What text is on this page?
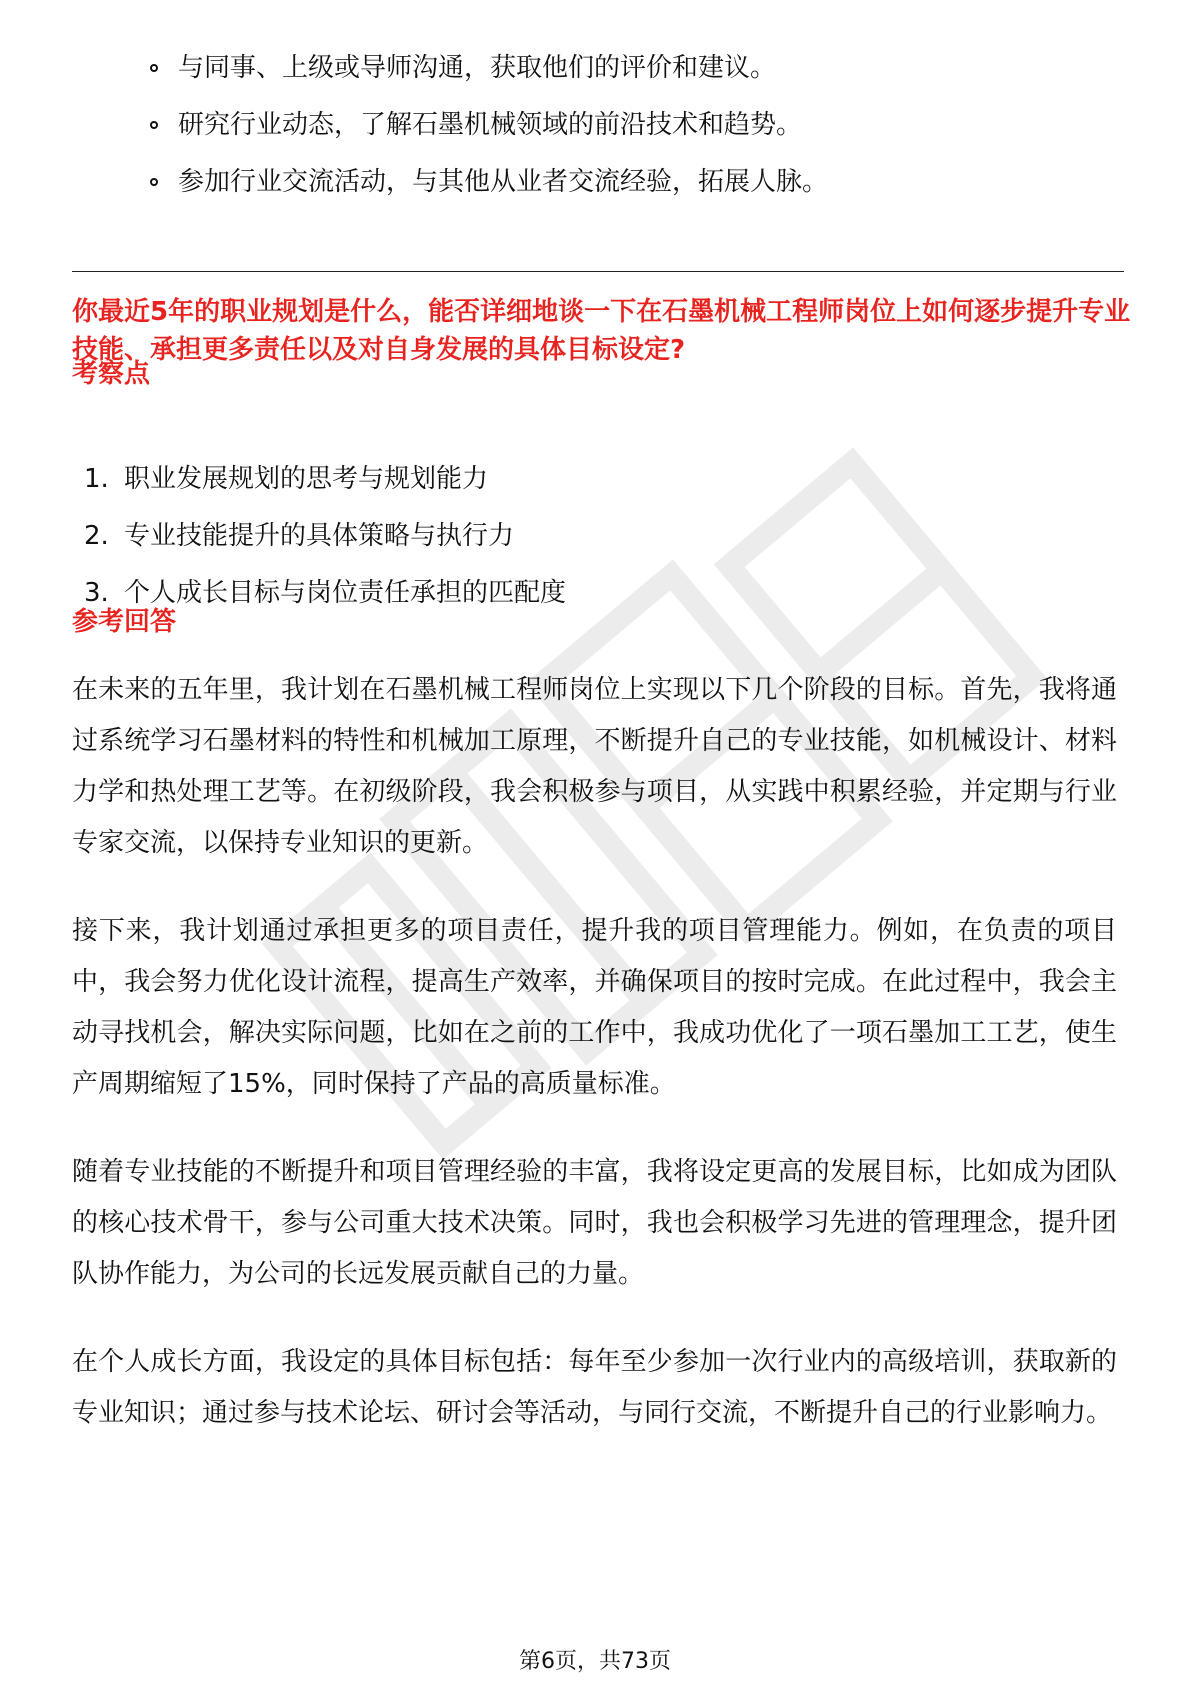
与同事、上级或导师沟通，获取他们的评价和建议。
研究行业动态，了解石墨机械领域的前沿技术和趋势。
参加行业交流活动，与其他从业者交流经验，拓展人脉。
你最近5年的职业规划是什么，能否详细地谈一下在石墨机械工程师岗位上如何逐步提升专业技能、承担更多责任以及对自身发展的具体目标设定?
考察点
1. 职业发展规划的思考与规划能力
2. 专业技能提升的具体策略与执行力
3. 个人成长目标与岗位责任承担的匹配度
参考回答

在未来的五年里，我计划在石墨机械工程师岗位上实现以下几个阶段的目标。首先，我将通过系统学习石墨材料的特性和机械加工原理，不断提升自己的专业技能，如机械设计、材料力学和热处理工艺等。在初级阶段，我会积极参与项目，从实践中积累经验，并定期与行业专家交流，以保持专业知识的更新。

接下来，我计划通过承担更多的项目责任，提升我的项目管理能力。例如，在负责的项目中，我会努力优化设计流程，提高生产效率，并确保项目的按时完成。在此过程中，我会主动寻找机会，解决实际问题，比如在之前的工作中，我成功优化了一项石墨加工工艺，使生产周期缩短了15%，同时保持了产品的高质量标准。

随着专业技能的不断提升和项目管理经验的丰富，我将设定更高的发展目标，比如成为团队的核心技术骨干，参与公司重大技术决策。同时，我也会积极学习先进的管理理念，提升团队协作能力，为公司的长远发展贡献自己的力量。

在个人成长方面，我设定的具体目标包括：每年至少参加一次行业内的高级培训，获取新的专业知识；通过参与技术论坛、研讨会等活动，与同行交流，不断提升自己的行业影响力。

第6页，共73页
